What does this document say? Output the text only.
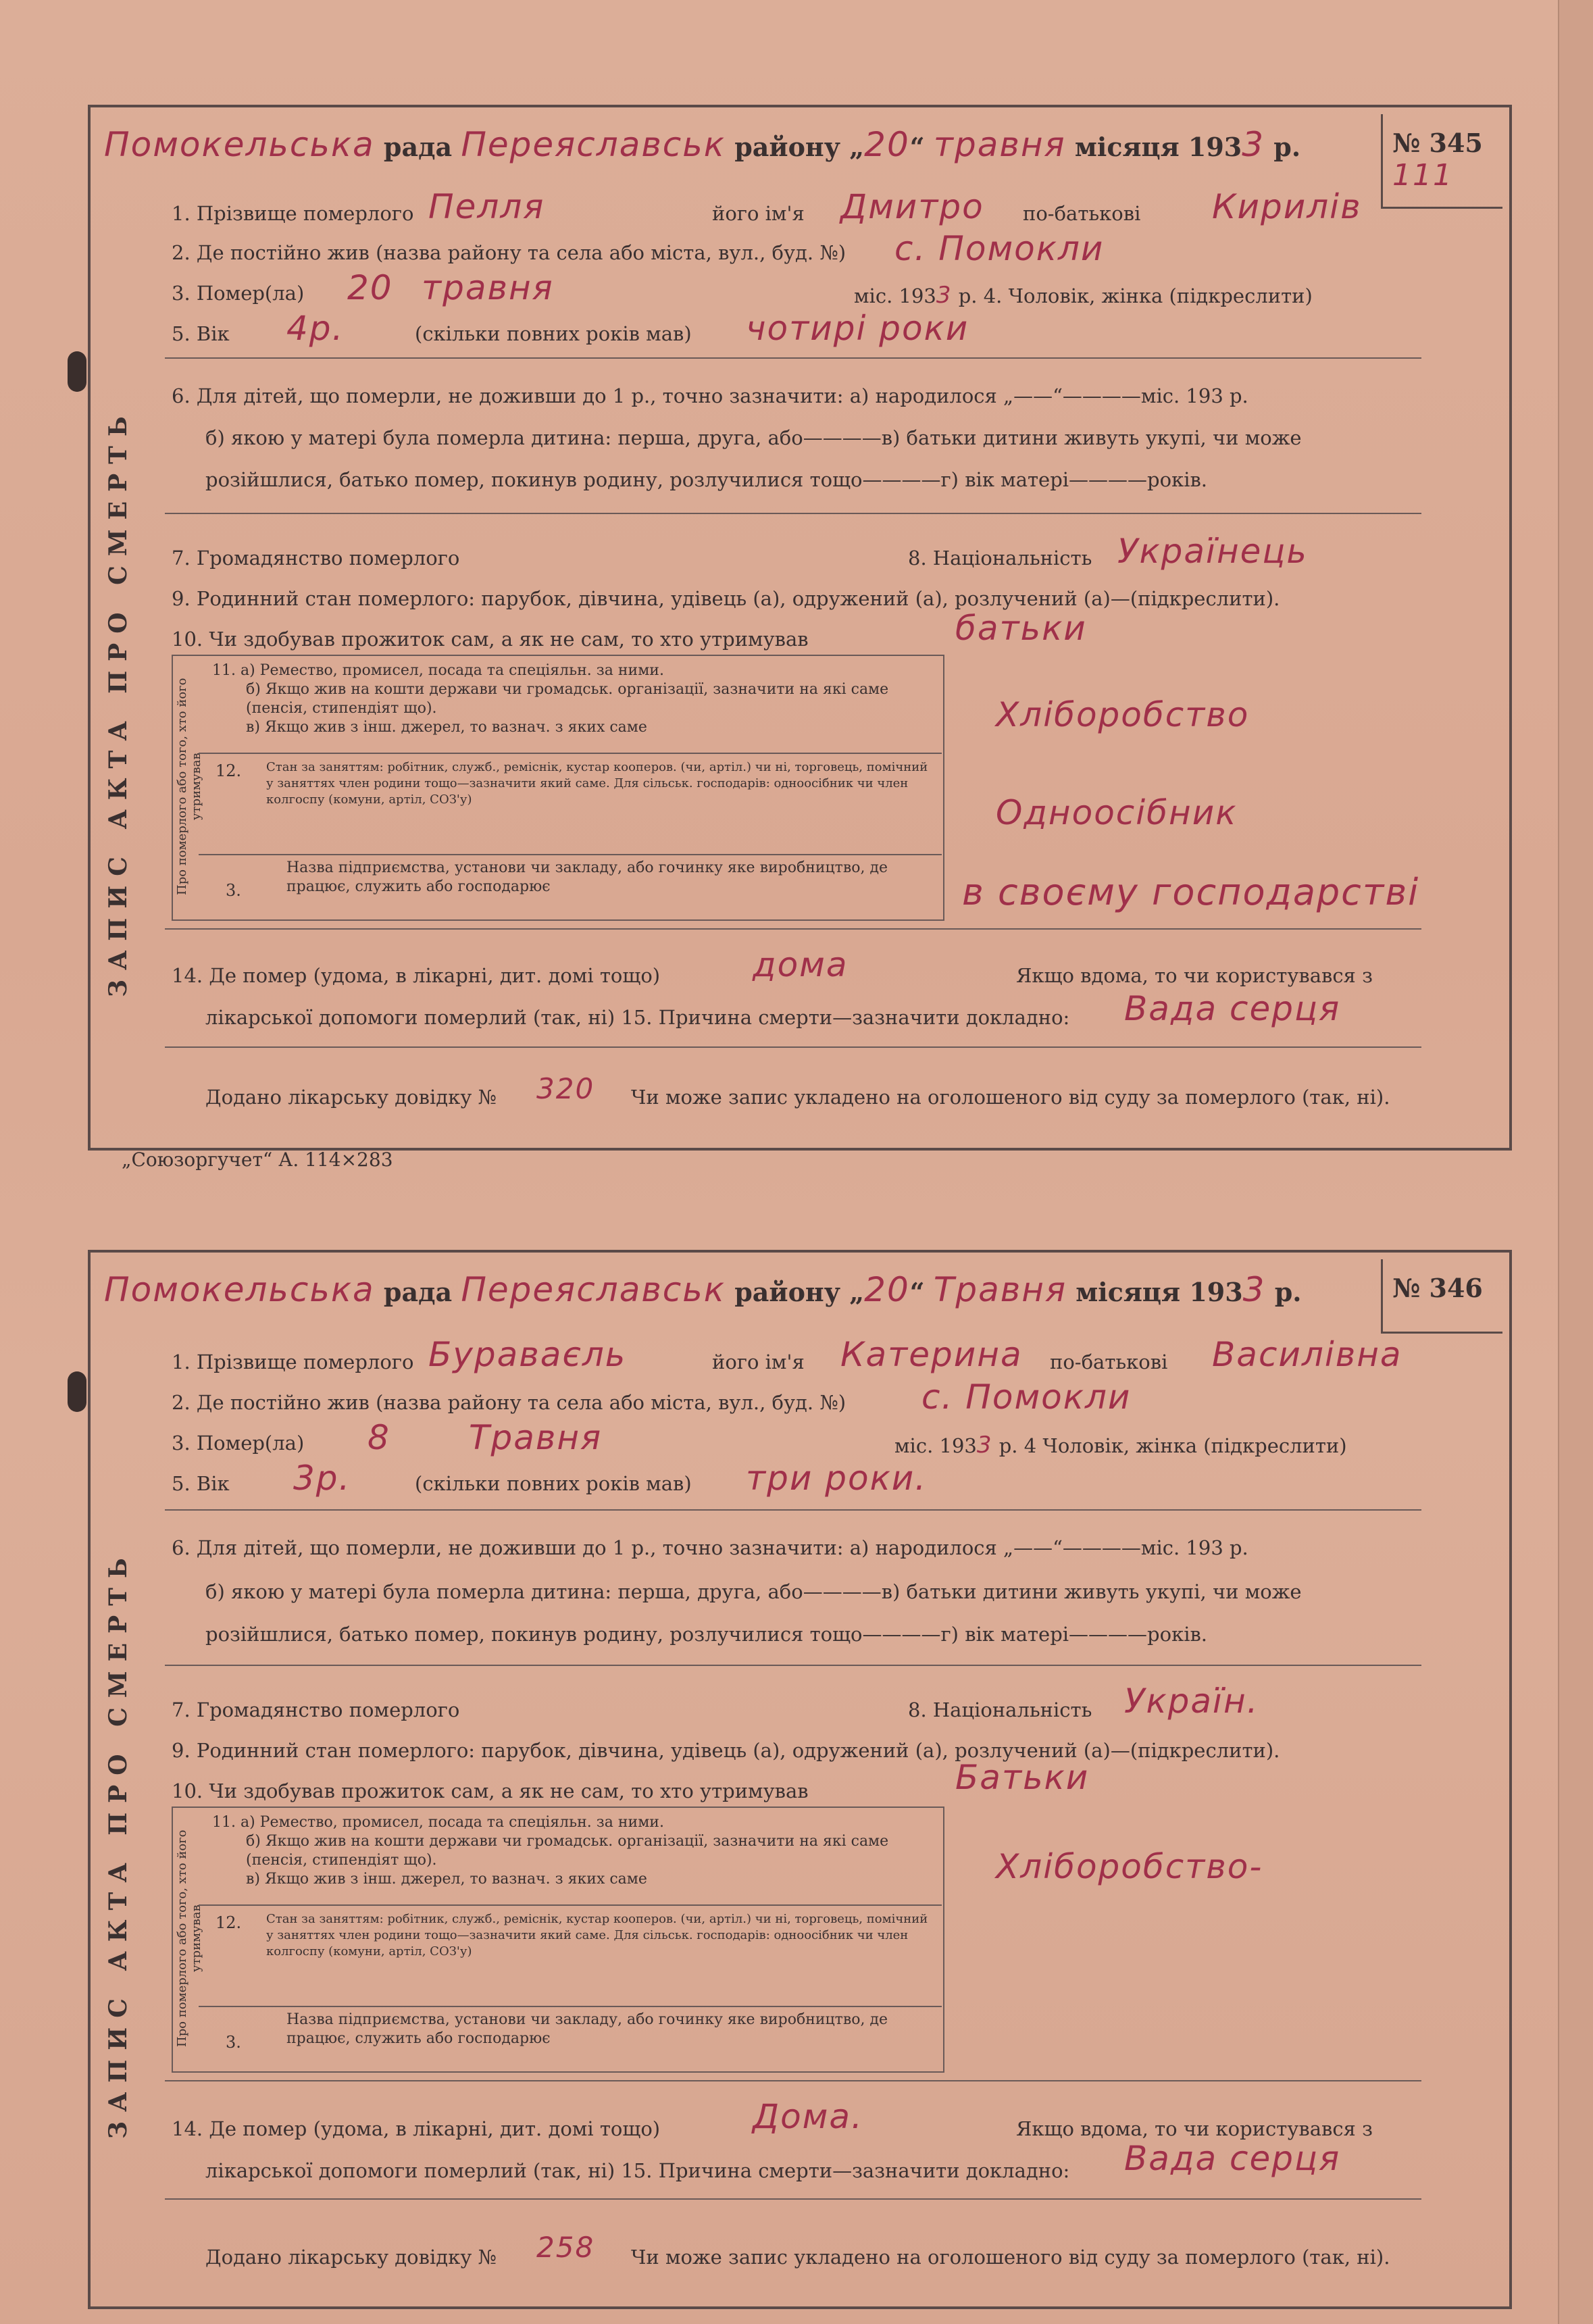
Помокельська рада Переяславськ району „20“ травня місяця 1933 р.	№ 345
111
ЗАПИС АКТА ПРО СМЕРТЬ
1. Прізвище померлого Пелля	його ім'я Дмитро по-батькові Кирилів
2. Де постійно жив (назва району та села або міста, вул., буд. №) с. Помокли
3. Помер(ла) 20 травня	міс. 1933 р. 4. Чоловік, жінка (підкреслити)
5. Вік 4р.	(скільки повних років мав) чотирі роки
6. Для дітей, що померли, не доживши до 1 р., точно зазначити: а) народилося „——“————міс. 193 р.
б) якою у матері була померла дитина: перша, друга, або————в) батьки дитини живуть укупі, чи може
розійшлися, батько помер, покинув родину, розлучилися тощо————г) вік матері————років.
7. Громадянство померлого	8. Національність Українець
9. Родинний стан померлого: парубок, дівчина, удівець (а), одружений (а), розлучений (а)—(підкреслити).
10. Чи здобував прожиток сам, а як не сам, то хто утримував	батьки
Про померлого або того, хто його утримував
11. а) Ремество, промисел, посада та спеціяльн. за ними.
б) Якщо жив на кошти держави чи громадськ. організації, зазначити на які саме (пенсія, стипендіят що).
в) Якщо жив з інш. джерел, то вазнач. з яких саме	Хліборобство
12. Стан за заняттям: робітник, служб., реміснік, кустар кооперов. (чи, артіл.) чи ні, торговець, помічний у заняттях член родини тощо—зазначити який саме. Для сільськ. господарів: одноосібник чи член колгоспу (комуни, артіл, СОЗ'у)	Одноосібник
3.
Назва підприємства, установи чи закладу, або гочинку яке виробництво, де працює, служить або господарює	в своєму господарстві
14. Де помер (удома, в лікарні, дит. домі тощо)	дома	Якщо вдома, то чи користувався з
лікарської допомоги померлий (так, ні) 15. Причина смерти—зазначити докладно: Вада серця
Додано лікарську довідку № 320 Чи може запис укладено на оголошеного від суду за померлого (так, ні).
„Союзоргучет“ А. 114×283
Помокельська рада Переяславськ району „20“ Травня місяця 1933 р.	№ 346
ЗАПИС АКТА ПРО СМЕРТЬ
1. Прізвище померлого Бураваєль	його ім'я Катерина по-батькові Василівна
2. Де постійно жив (назва району та села або міста, вул., буд. №) с. Помокли
3. Помер(ла) 8 Травня	міс. 1933 р. 4 Чоловік, жінка (підкреслити)
5. Вік 3р.	(скільки повних років мав) три роки.
6. Для дітей, що померли, не доживши до 1 р., точно зазначити: а) народилося „——“————міс. 193 р.
б) якою у матері була померла дитина: перша, друга, або————в) батьки дитини живуть укупі, чи може
розійшлися, батько помер, покинув родину, розлучилися тощо————г) вік матері————років.
7. Громадянство померлого	8. Національність Україн.
9. Родинний стан померлого: парубок, дівчина, удівець (а), одружений (а), розлучений (а)—(підкреслити).
10. Чи здобував прожиток сам, а як не сам, то хто утримував	Батьки
Про померлого або того, хто його утримував
11. а) Ремество, промисел, посада та спеціяльн. за ними.
б) Якщо жив на кошти держави чи громадськ. організації, зазначити на які саме (пенсія, стипендіят що).
в) Якщо жив з інш. джерел, то вазнач. з яких саме	Хліборобство-
12. Стан за заняттям: робітник, служб., реміснік, кустар кооперов. (чи, артіл.) чи ні, торговець, помічний у заняттях член родини тощо—зазначити який саме. Для сільськ. господарів: одноосібник чи член колгоспу (комуни, артіл, СОЗ'у)
3.
Назва підприємства, установи чи закладу, або гочинку яке виробництво, де працює, служить або господарює
14. Де помер (удома, в лікарні, дит. домі тощо)	Дома.	Якщо вдома, то чи користувався з
лікарської допомоги померлий (так, ні) 15. Причина смерти—зазначити докладно: Вада серця
Додано лікарську довідку № 258 Чи може запис укладено на оголошеного від суду за померлого (так, ні).
